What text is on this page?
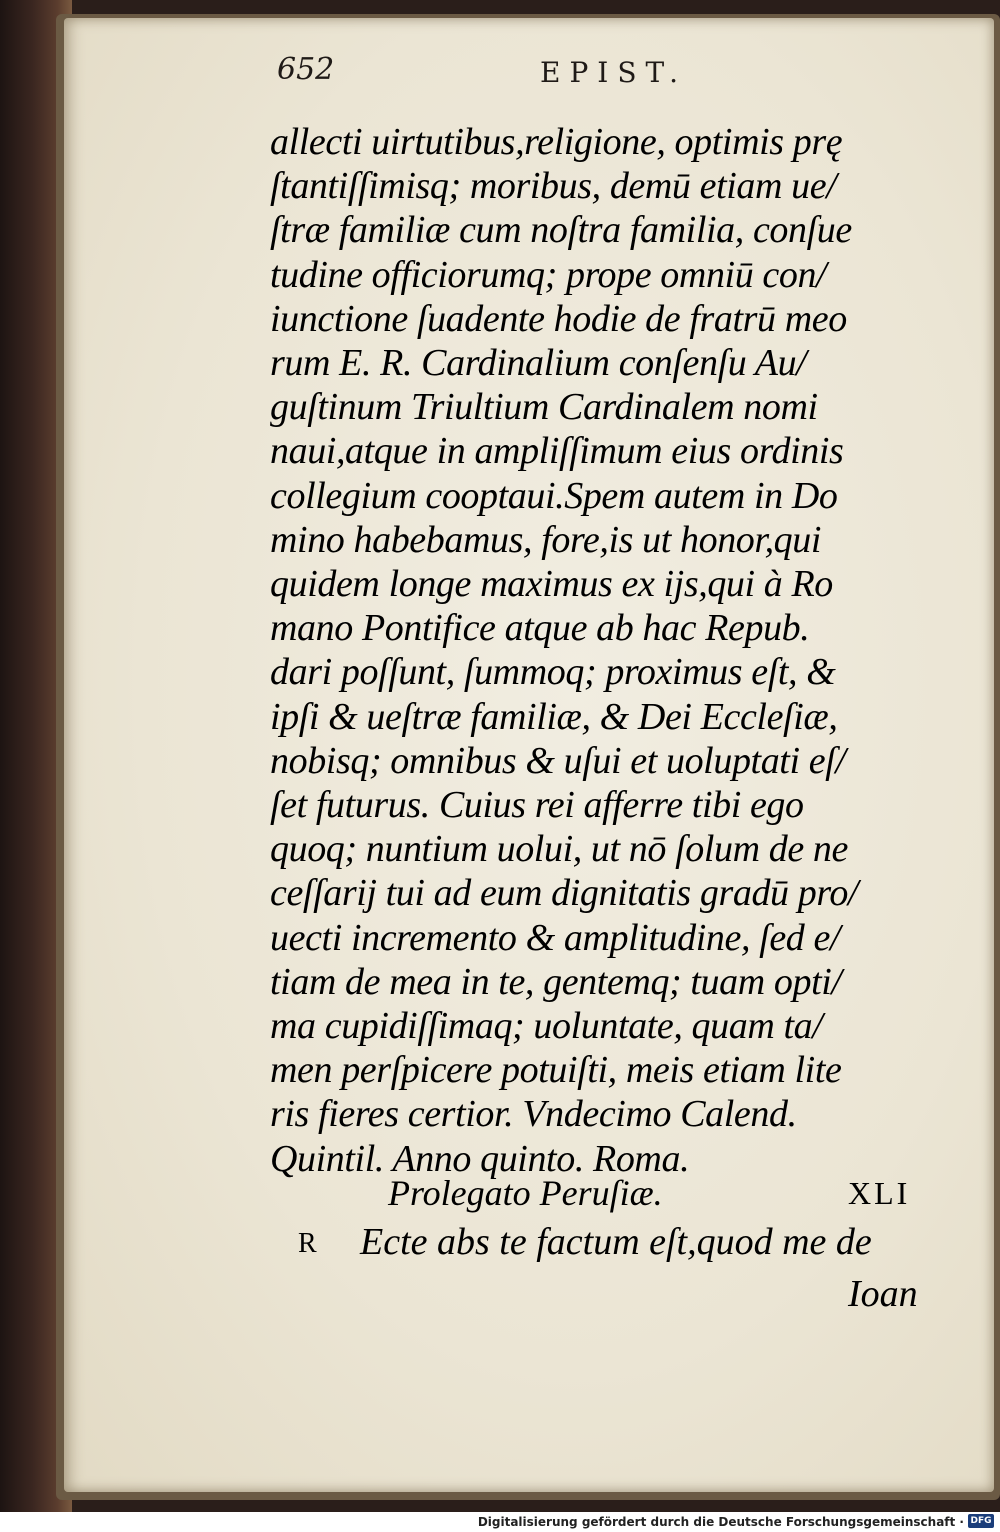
652	EPIST.
allecti uirtutibus,religione, optimis prę
ſtantiſſimisq; moribus, demū etiam ue/
ſtræ familiæ cum noſtra familia, conſue
tudine officiorumq; prope omniū con/
iunctione ſuadente hodie de fratrū meo
rum E. R. Cardinalium conſenſu Au/
guſtinum Triultium Cardinalem nomi
naui,atque in ampliſſimum eius ordinis
collegium cooptaui.Spem autem in Do
mino habebamus, fore,is ut honor,qui
quidem longe maximus ex ijs,qui à Ro
mano Pontifice atque ab hac Repub.
dari poſſunt, ſummoq; proximus eſt, &
ipſi & ueſtræ familiæ, & Dei Eccleſiæ,
nobisq; omnibus & uſui et uoluptati eſ/
ſet futurus. Cuius rei afferre tibi ego
quoq; nuntium uolui, ut nō ſolum de ne
ceſſarij tui ad eum dignitatis gradū pro/
uecti incremento & amplitudine, ſed e/
tiam de mea in te, gentemq; tuam opti/
ma cupidiſſimaq; uoluntate, quam ta/
men perſpicere potuiſti, meis etiam lite
ris fieres certior. Vndecimo Calend.
Quintil. Anno quinto. Roma.
Prolegato Peruſiæ.	XLI
R Ecte abs te factum eſt,quod me de
Ioan
Digitalisierung gefördert durch die Deutsche Forschungsgemeinschaft · DFG
